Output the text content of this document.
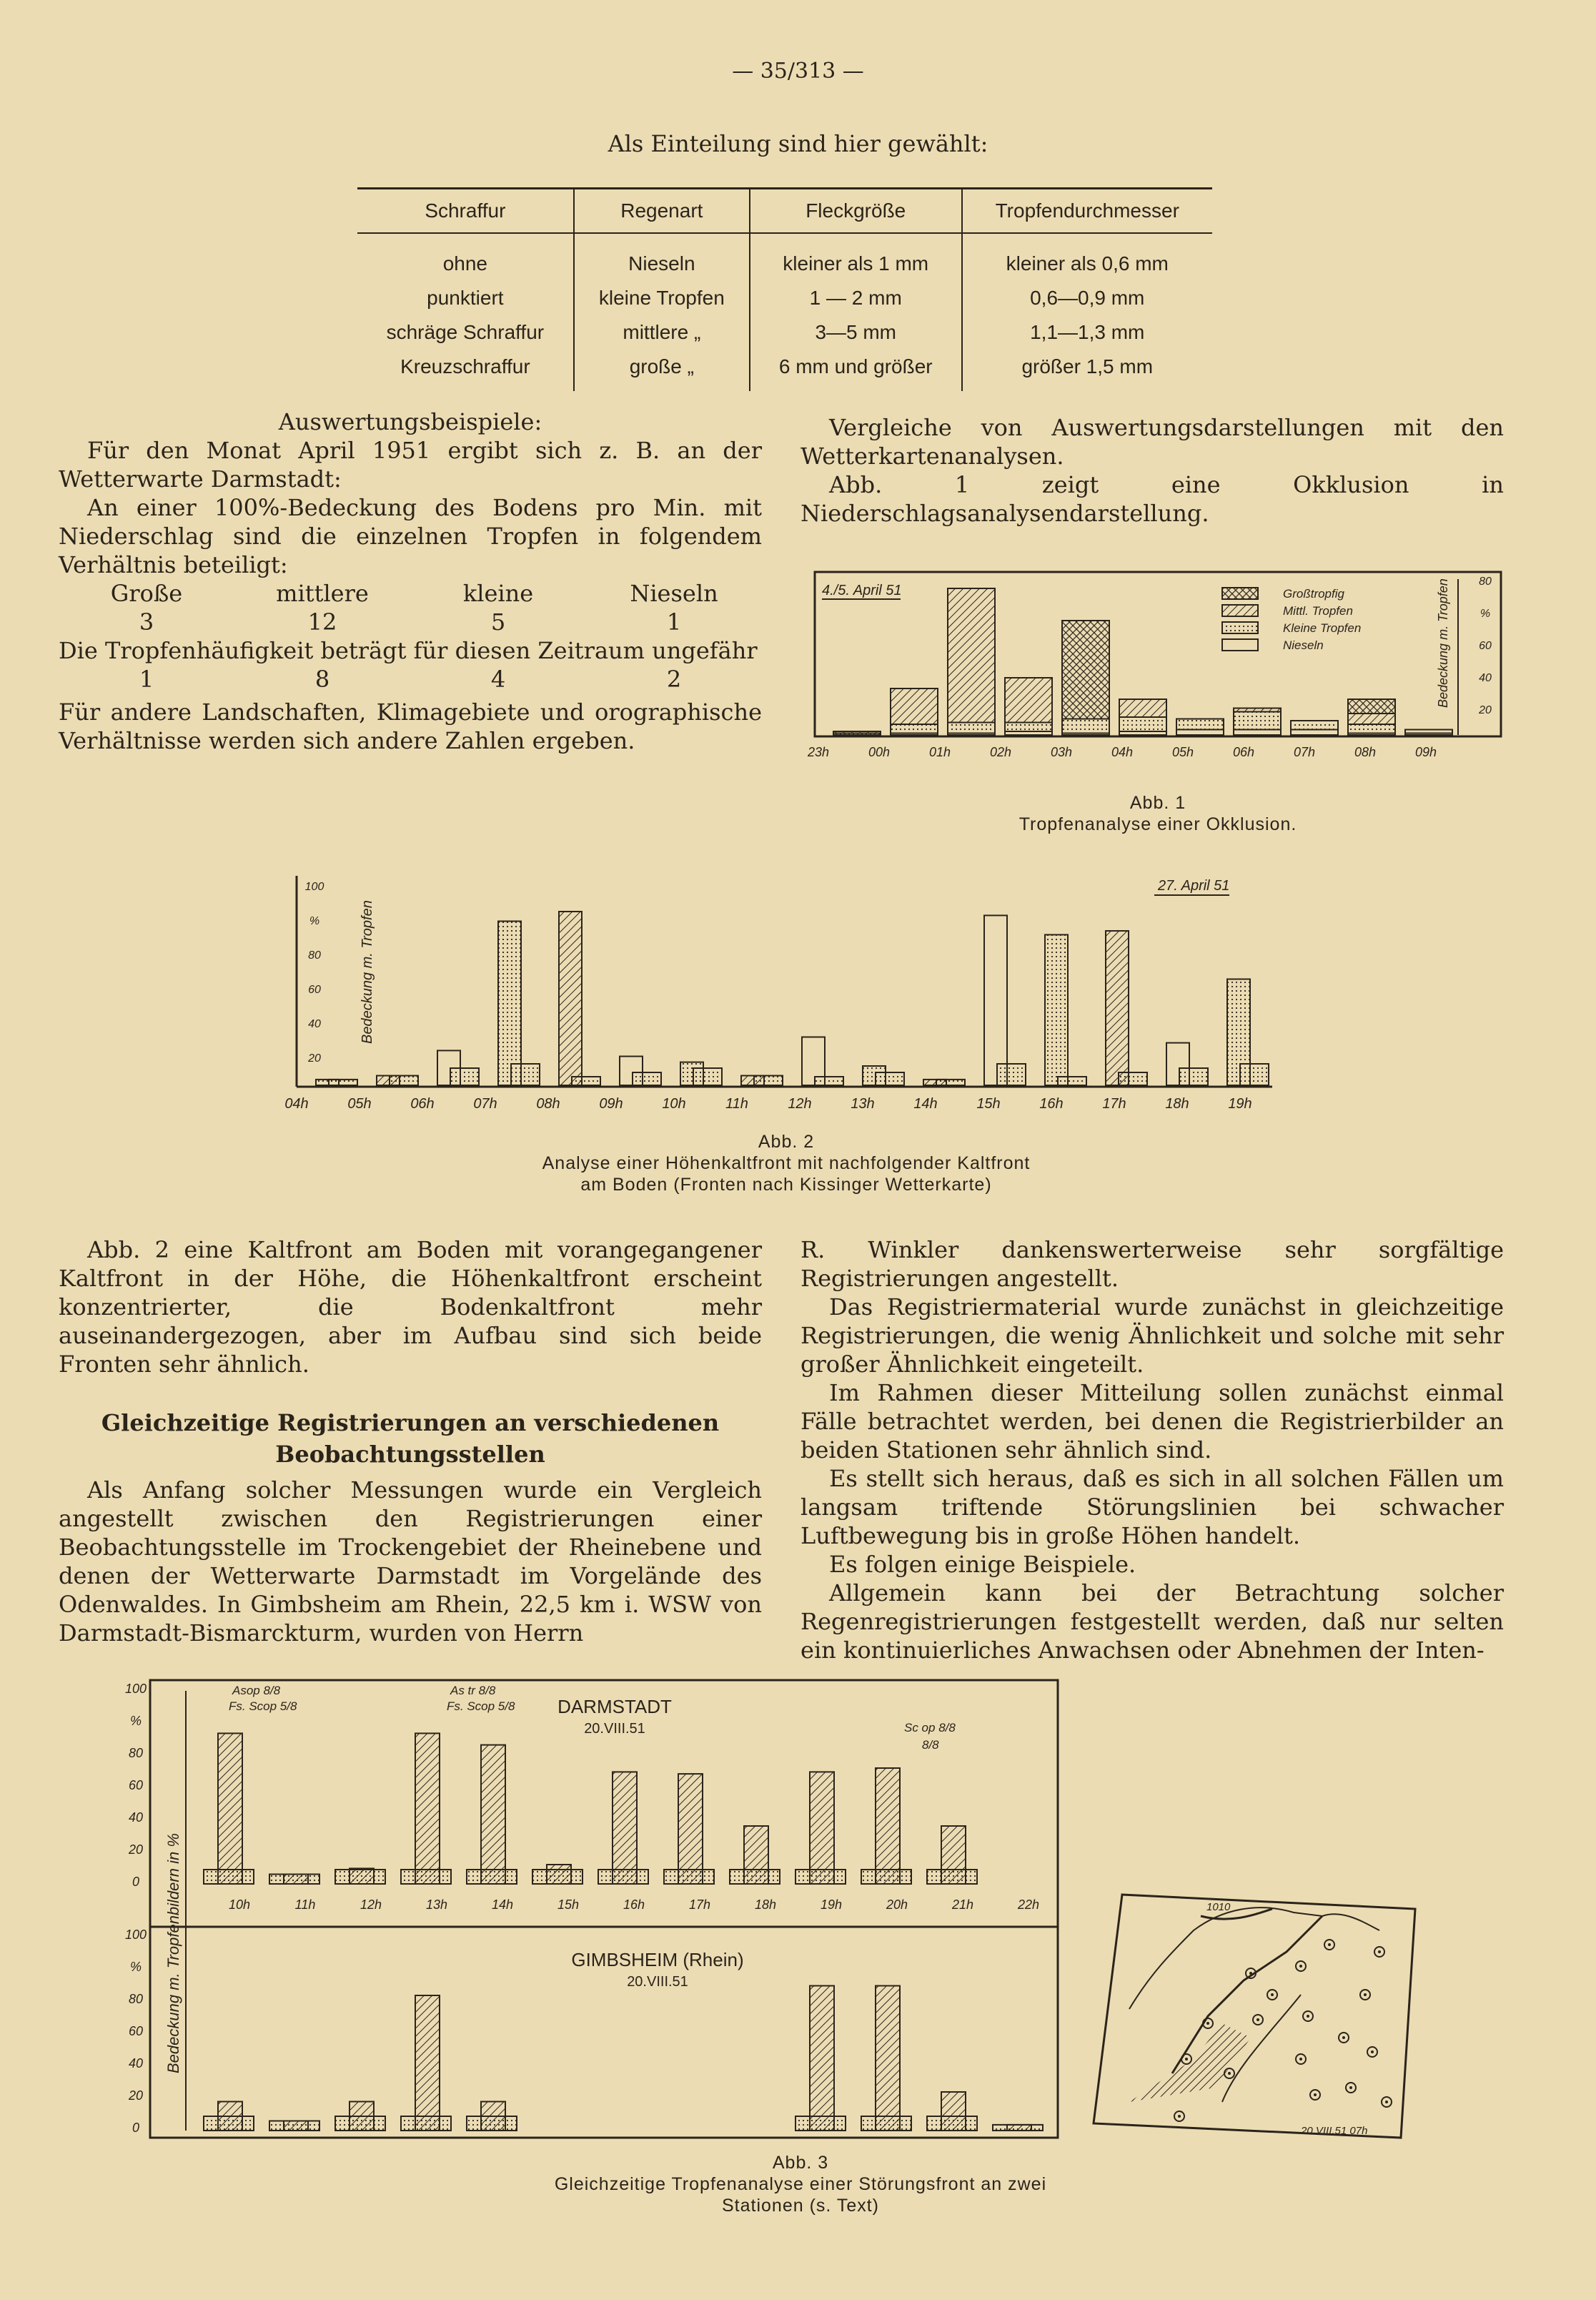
— 35/313 —
Als Einteilung sind hier gewählt:
Schraffur	Regenart	Fleckgröße	Tropfendurchmesser
ohne	Nieseln	kleiner als 1 mm	kleiner als 0,6 mm
punktiert	kleine Tropfen	1 — 2 mm	0,6—0,9 mm
schräge Schraffur	mittlere „	3—5 mm	1,1—1,3 mm
Kreuzschraffur	große „	6 mm und größer	größer 1,5 mm

Auswertungsbeispiele:

Für den Monat April 1951 ergibt sich z. B. an der Wetterwarte Darmstadt:

An einer 100%-Bedeckung des Bodens pro Min. mit Niederschlag sind die einzelnen Tropfen in folgendem Verhältnis beteiligt:

Große	mittlere	kleine	Nieseln
3	12	5	1

Die Tropfenhäufigkeit beträgt für diesen Zeitraum ungefähr

1	8	4	2

Für andere Landschaften, Klimagebiete und orographische Verhältnisse werden sich andere Zahlen ergeben.

Vergleiche von Auswertungsdarstellungen mit den Wetterkartenanalysen.

Abb. 1 zeigt eine Okklusion in Niederschlagsanalysendarstellung.

4./5. April 51	Großtropfig
Mittl. Tropfen
Kleine Tropfen
Nieseln	Bedeckung m. Tropfen	80
%
60
40
20
23h	00h	01h	02h	03h	04h	05h	06h	07h	08h	09h
Abb. 1
Tropfenanalyse einer Okklusion.
27. April 51
Bedeckung m. Tropfen
100
%
80
60
40
20
04h	05h	06h	07h	08h	09h	10h	11h	12h	13h	14h	15h	16h	17h	18h	19h
Abb. 2
Analyse einer Höhenkaltfront mit nachfolgender Kaltfront
am Boden (Fronten nach Kissinger Wetterkarte)

Abb. 2 eine Kaltfront am Boden mit vorangegangener Kaltfront in der Höhe, die Höhenkaltfront erscheint konzentrierter, die Bodenkaltfront mehr auseinandergezogen, aber im Aufbau sind sich beide Fronten sehr ähnlich.

Gleichzeitige Registrierungen an verschiedenen
Beobachtungsstellen

Als Anfang solcher Messungen wurde ein Vergleich angestellt zwischen den Registrierungen einer Beobachtungsstelle im Trockengebiet der Rheinebene und denen der Wetterwarte Darmstadt im Vorgelände des Odenwaldes. In Gimbsheim am Rhein, 22,5 km i. WSW von Darmstadt-Bismarckturm, wurden von Herrn

R. Winkler dankenswerterweise sehr sorgfältige Registrierungen angestellt.

Das Registriermaterial wurde zunächst in gleichzeitige Registrierungen, die wenig Ähnlichkeit und solche mit sehr großer Ähnlichkeit eingeteilt.

Im Rahmen dieser Mitteilung sollen zunächst einmal Fälle betrachtet werden, bei denen die Registrierbilder an beiden Stationen sehr ähnlich sind.

Es stellt sich heraus, daß es sich in all solchen Fällen um langsam triftende Störungslinien bei schwacher Luftbewegung bis in große Höhen handelt.

Es folgen einige Beispiele.

Allgemein kann bei der Betrachtung solcher Regenregistrierungen festgestellt werden, daß nur selten ein kontinuierliches Anwachsen oder Abnehmen der Inten-

Bedeckung m. Tropfenbildern in %
DARMSTADT
20.VIII.51
GIMBSHEIM (Rhein)
20.VIII.51
Asop 8/8
Fs. Scop 5/8
As tr 8/8
Fs. Scop 5/8
Sc op 8/8
8/8
100
100
%
%
80
80
60
60
40
40
20
20
0
0
10h	11h	12h	13h	14h	15h	16h	17h	18h	19h	20h	21h	22h	1010
20.VIII.51 07h
Abb. 3
Gleichzeitige Tropfenanalyse einer Störungsfront an zwei
Stationen (s. Text)
